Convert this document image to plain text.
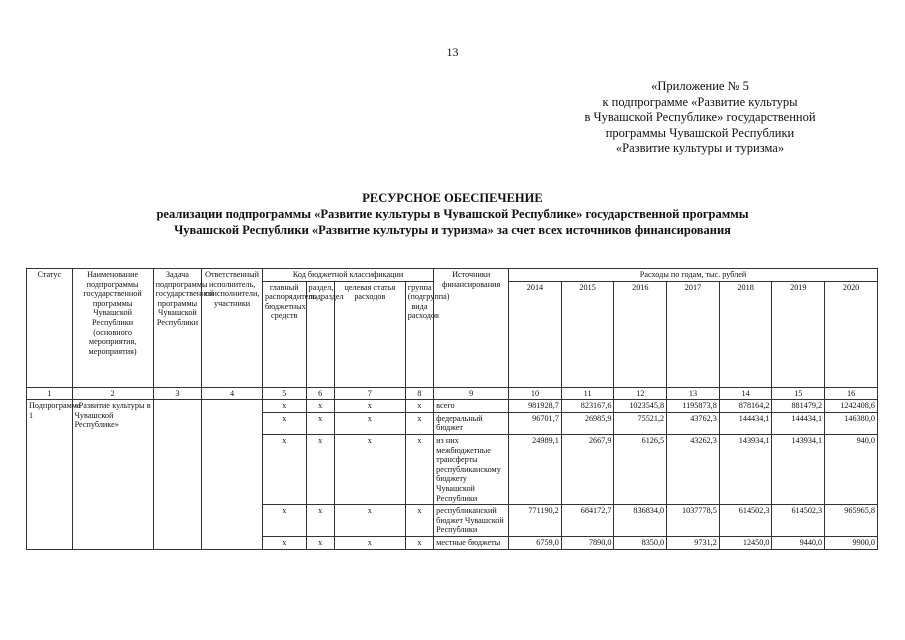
13
«Приложение № 5
к подпрограмме «Развитие культуры
в Чувашской Республике» государственной
программы Чувашской Республики
«Развитие культуры и туризма»
РЕСУРСНОЕ ОБЕСПЕЧЕНИЕ
реализации подпрограммы «Развитие культуры в Чувашской Республике» государственной программы
Чувашской Республики «Развитие культуры и туризма» за счет всех источников финансирования
Статус	Наименование подпрограммы государственной программы Чувашской Республики (основного мероприятия, мероприятия)	Задача подпрограммы государственной программы Чувашской Республики	Ответственный исполнитель, соисполнители, участники	Код бюджетной классификации				Источники финансирования	Расходы по годам, тыс. рублей						
				главный распорядитель бюджетных средств	раздел, подраздел	целевая статья расходов	группа (подгруппа) вида расходов		2014	2015	2016	2017	2018	2019	2020
1	2	3	4	5	6	7	8	9	10	11	12	13	14	15	16
Подпрограмма 1	«Развитие культуры в Чувашской Республике»			х	х	х	х	всего	981928,7	823167,6	1023545,8	1195873,8	878164,2	881479,2	1242408,6
				х	х	х	х	федеральный бюджет	96701,7	26985,9	75521,2	43762,3	144434,1	144434,1	146380,0
				х	х	х	х	из них межбюджетные трансферты республиканскому бюджету Чувашской Республики	24989,1	2667,9	6126,5	43262,3	143934,1	143934,1	940,0
				х	х	х	х	республиканский бюджет Чувашской Республики	771190,2	684172,7	836834,0	1037778,5	614502,3	614502,3	965965,8
				х	х	х	х	местные бюджеты	6759,0	7890,0	8350,0	9731,2	12450,0	9440,0	9900,0
